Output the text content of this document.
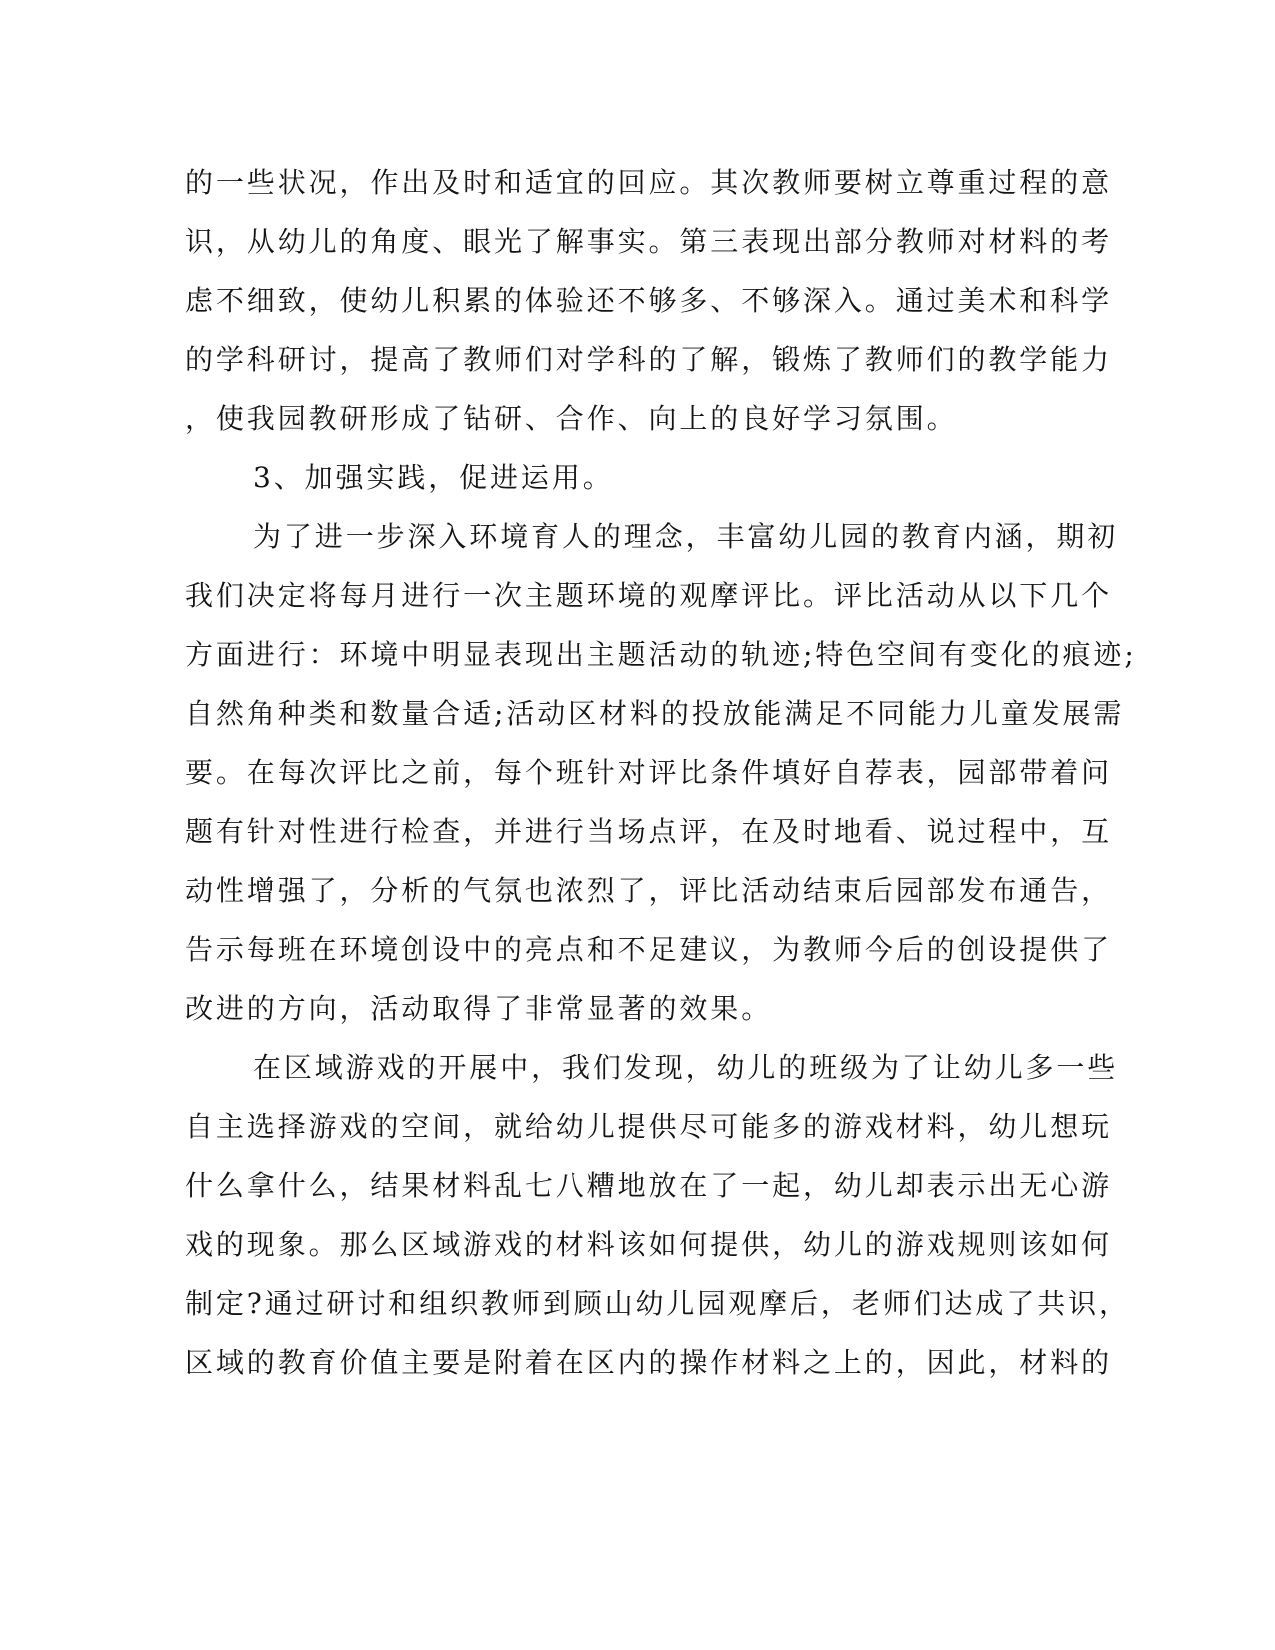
的一些状况，作出及时和适宜的回应。其次教师要树立尊重过程的意
识，从幼儿的角度、眼光了解事实。第三表现出部分教师对材料的考
虑不细致，使幼儿积累的体验还不够多、不够深入。通过美术和科学
的学科研讨，提高了教师们对学科的了解，锻炼了教师们的教学能力
，使我园教研形成了钻研、合作、向上的良好学习氛围。
3、加强实践，促进运用。
为了进一步深入环境育人的理念，丰富幼儿园的教育内涵，期初
我们决定将每月进行一次主题环境的观摩评比。评比活动从以下几个
方面进行：环境中明显表现出主题活动的轨迹;特色空间有变化的痕迹;
自然角种类和数量合适;活动区材料的投放能满足不同能力儿童发展需
要。在每次评比之前，每个班针对评比条件填好自荐表，园部带着问
题有针对性进行检查，并进行当场点评，在及时地看、说过程中，互
动性增强了，分析的气氛也浓烈了，评比活动结束后园部发布通告，
告示每班在环境创设中的亮点和不足建议，为教师今后的创设提供了
改进的方向，活动取得了非常显著的效果。
在区域游戏的开展中，我们发现，幼儿的班级为了让幼儿多一些
自主选择游戏的空间，就给幼儿提供尽可能多的游戏材料，幼儿想玩
什么拿什么，结果材料乱七八糟地放在了一起，幼儿却表示出无心游
戏的现象。那么区域游戏的材料该如何提供，幼儿的游戏规则该如何
制定?通过研讨和组织教师到顾山幼儿园观摩后，老师们达成了共识，
区域的教育价值主要是附着在区内的操作材料之上的，因此，材料的
